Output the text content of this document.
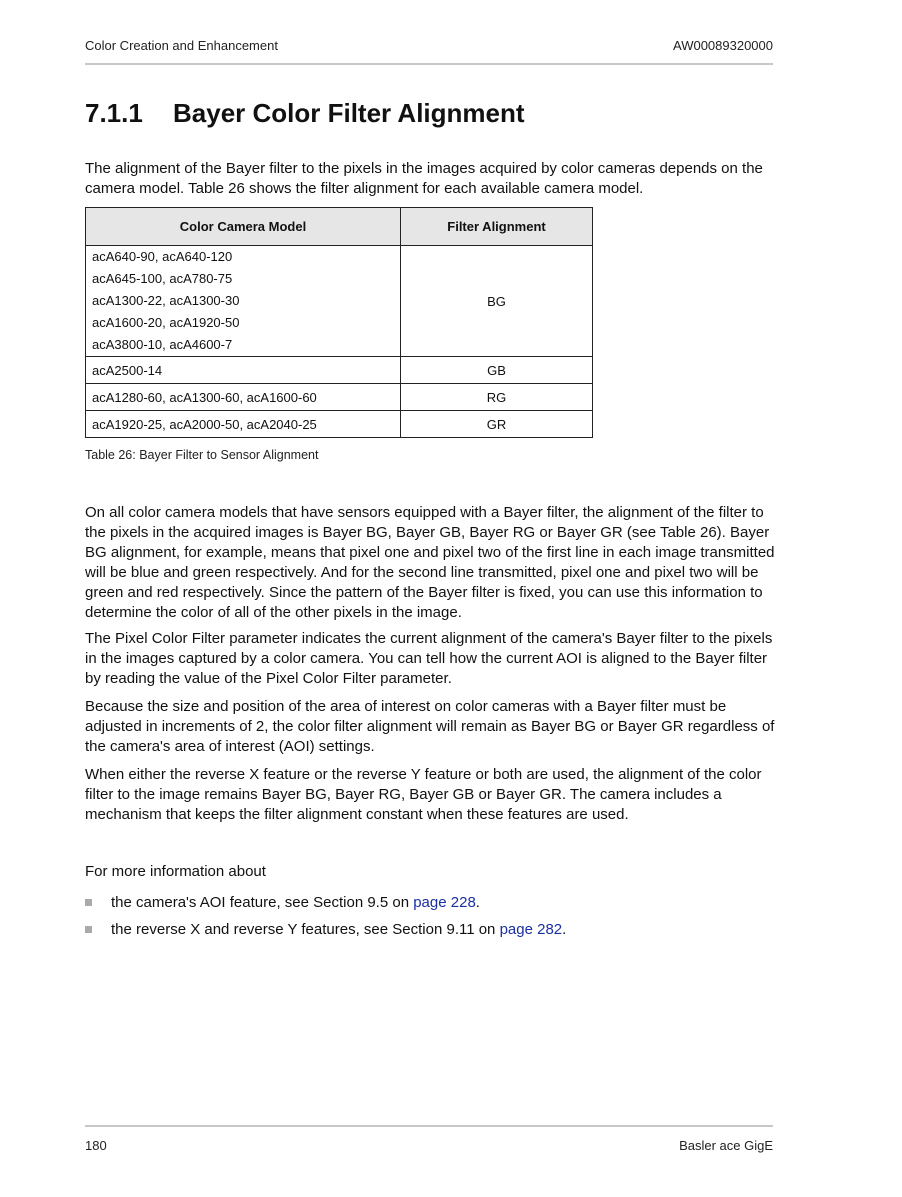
Color Creation and Enhancement	AW00089320000
7.1.1	Bayer Color Filter Alignment

The alignment of the Bayer filter to the pixels in the images acquired by color cameras depends on the camera model. Table 26 shows the filter alignment for each available camera model.

Color Camera Model	Filter Alignment

acA640-90, acA640-120
acA645-100, acA780-75
acA1300-22, acA1300-30
acA1600-20, acA1920-50
acA3800-10, acA4600-7	BG
acA2500-14	GB
acA1280-60, acA1300-60, acA1600-60	RG
acA1920-25, acA2000-50, acA2040-25	GR
Table 26: Bayer Filter to Sensor Alignment

On all color camera models that have sensors equipped with a Bayer filter, the alignment of the filter to the pixels in the acquired images is Bayer BG, Bayer GB, Bayer RG or Bayer GR (see Table 26). Bayer BG alignment, for example, means that pixel one and pixel two of the first line in each image transmitted will be blue and green respectively. And for the second line transmitted, pixel one and pixel two will be green and red respectively. Since the pattern of the Bayer filter is fixed, you can use this information to determine the color of all of the other pixels in the image.

The Pixel Color Filter parameter indicates the current alignment of the camera's Bayer filter to the pixels in the images captured by a color camera. You can tell how the current AOI is aligned to the Bayer filter by reading the value of the Pixel Color Filter parameter.

Because the size and position of the area of interest on color cameras with a Bayer filter must be adjusted in increments of 2, the color filter alignment will remain as Bayer BG or Bayer GR regardless of the camera's area of interest (AOI) settings.

When either the reverse X feature or the reverse Y feature or both are used, the alignment of the color filter to the image remains Bayer BG, Bayer RG, Bayer GB or Bayer GR. The camera includes a mechanism that keeps the filter alignment constant when these features are used.

For more information about

the camera's AOI feature, see Section 9.5 on page 228.
the reverse X and reverse Y features, see Section 9.11 on page 282.
180	Basler ace GigE
